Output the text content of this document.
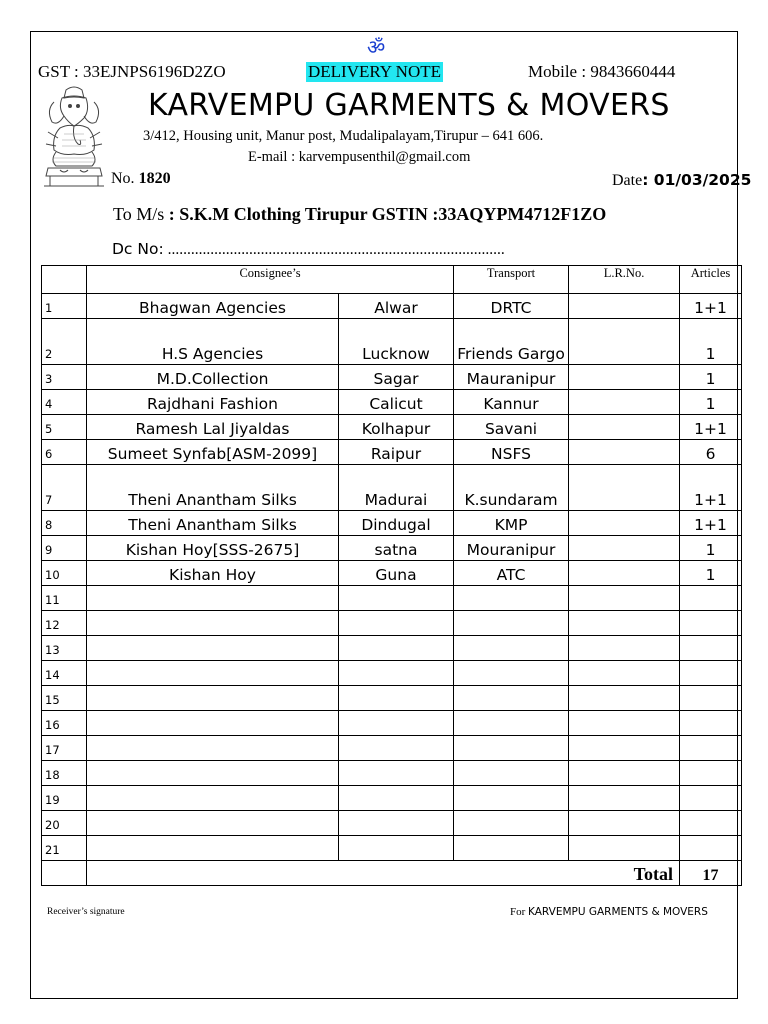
ॐ
GST : 33EJNPS6196D2ZO	DELIVERY NOTE	Mobile : 9843660444
KARVEMPU GARMENTS & MOVERS
3/412, Housing unit, Manur post, Mudalipalayam,Tirupur – 641 606.
E-mail : karvempusenthil@gmail.com
No. 1820	Date: 01/03/2025
To M/s : S.K.M Clothing Tirupur GSTIN :33AQYPM4712F1ZO
Dc No: .......................................................................................
	Consignee’s		Transport	L.R.No.	Articles
1	Bhagwan Agencies	Alwar	DRTC		1+1
2	H.S Agencies	Lucknow	Friends Gargo		1
3	M.D.Collection	Sagar	Mauranipur		1
4	Rajdhani Fashion	Calicut	Kannur		1
5	Ramesh Lal Jiyaldas	Kolhapur	Savani		1+1
6	Sumeet Synfab[ASM-2099]	Raipur	NSFS		6
7	Theni Anantham Silks	Madurai	K.sundaram		1+1
8	Theni Anantham Silks	Dindugal	KMP		1+1
9	Kishan Hoy[SSS-2675]	satna	Mouranipur		1
10	Kishan Hoy	Guna	ATC		1
11					
12					
13					
14					
15					
16					
17					
18					
19					
20					
21					
	Total				17
Receiver’s signature	For KARVEMPU GARMENTS & MOVERS
